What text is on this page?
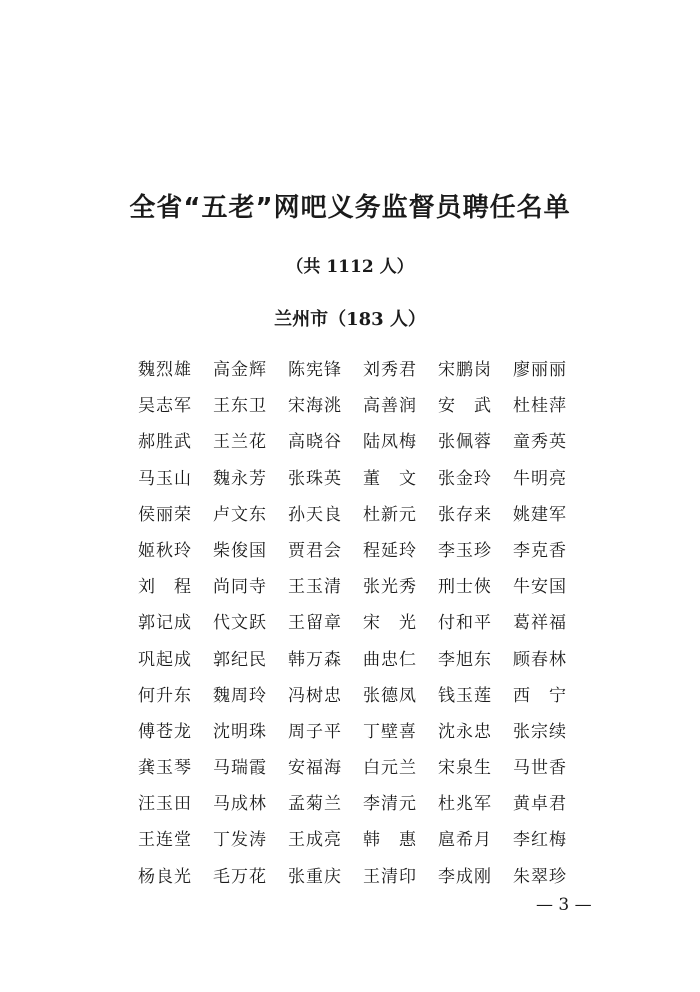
全省“五老”网吧义务监督员聘任名单
（共 1112 人）
兰州市（183 人）
魏烈雄	高金辉	陈宪锋	刘秀君	宋鹏岗	廖丽丽
吴志军	王东卫	宋海洮	高善润	安　武	杜桂萍
郝胜武	王兰花	高晓谷	陆凤梅	张佩蓉	童秀英
马玉山	魏永芳	张珠英	董　文	张金玲	牛明亮
侯丽荣	卢文东	孙天良	杜新元	张存来	姚建军
姬秋玲	柴俊国	贾君会	程延玲	李玉珍	李克香
刘　程	尚同寺	王玉清	张光秀	刑士俠	牛安国
郭记成	代文跃	王留章	宋　光	付和平	葛祥福
巩起成	郭纪民	韩万森	曲忠仁	李旭东	顾春林
何升东	魏周玲	冯树忠	张德凤	钱玉莲	西　宁
傅苍龙	沈明珠	周子平	丁壁喜	沈永忠	张宗续
龚玉琴	马瑞霞	安福海	白元兰	宋泉生	马世香
汪玉田	马成林	孟菊兰	李清元	杜兆军	黄卓君
王连堂	丁发涛	王成亮	韩　惠	扈希月	李红梅
杨良光	毛万花	张重庆	王清印	李成刚	朱翠珍
— 3 —
